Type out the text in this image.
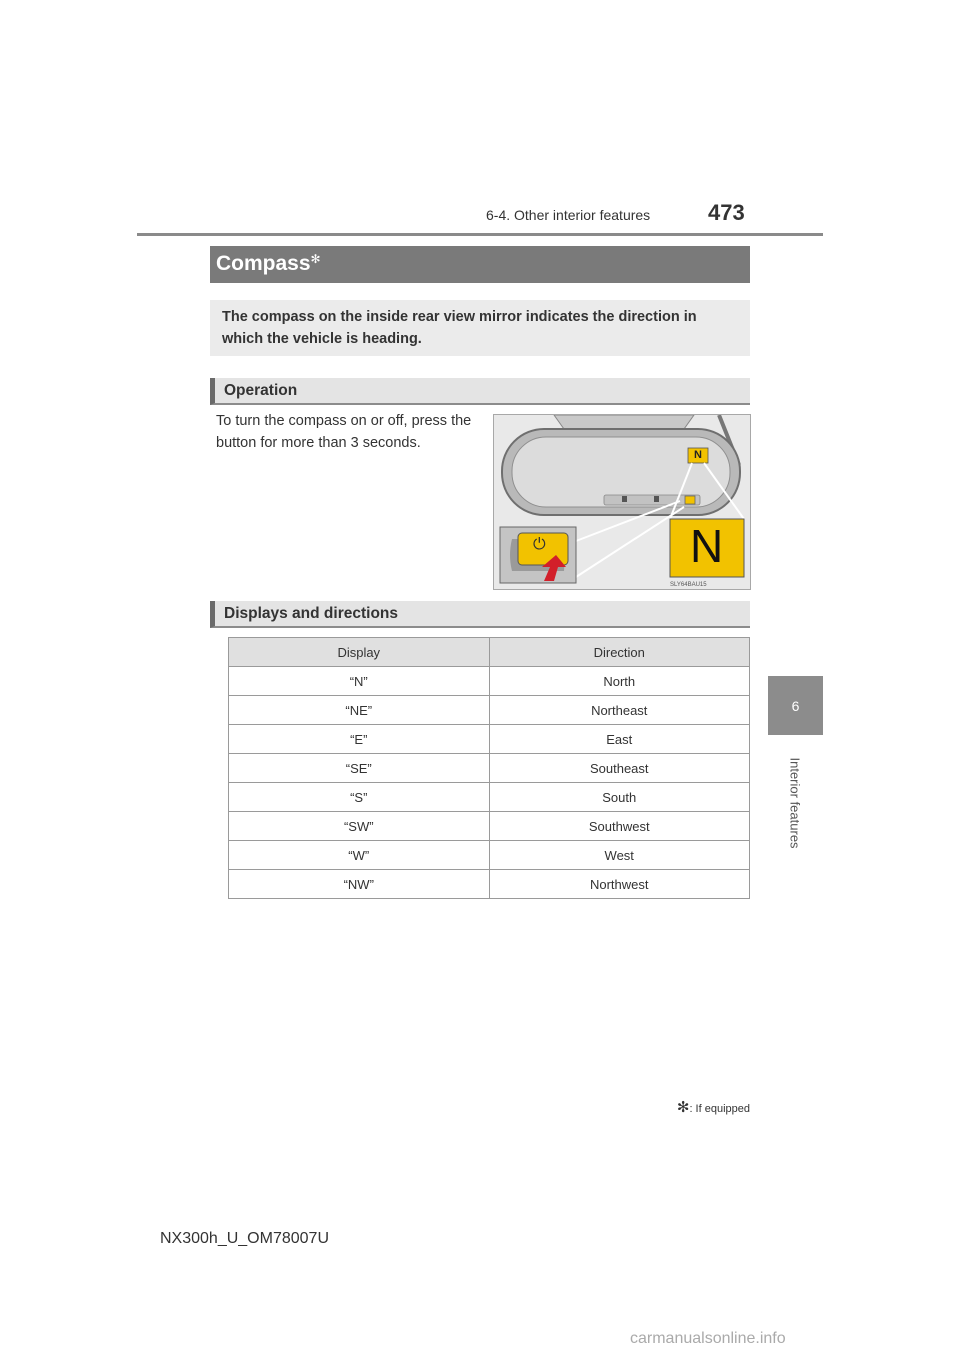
6-4. Other interior features	473
6
Interior features
Compass✻
The compass on the inside rear view mirror indicates the direction in which the vehicle is heading.
Operation
To turn the compass on or off, press the button for more than 3 seconds.
SLY64BAU15
N
N
⏻
Displays and directions
Display	Direction
“N”	North
“NE”	Northeast
“E”	East
“SE”	Southeast
“S”	South
“SW”	Southwest
“W”	West
“NW”	Northwest
✻: If equipped
NX300h_U_OM78007U
carmanualsonline.info
